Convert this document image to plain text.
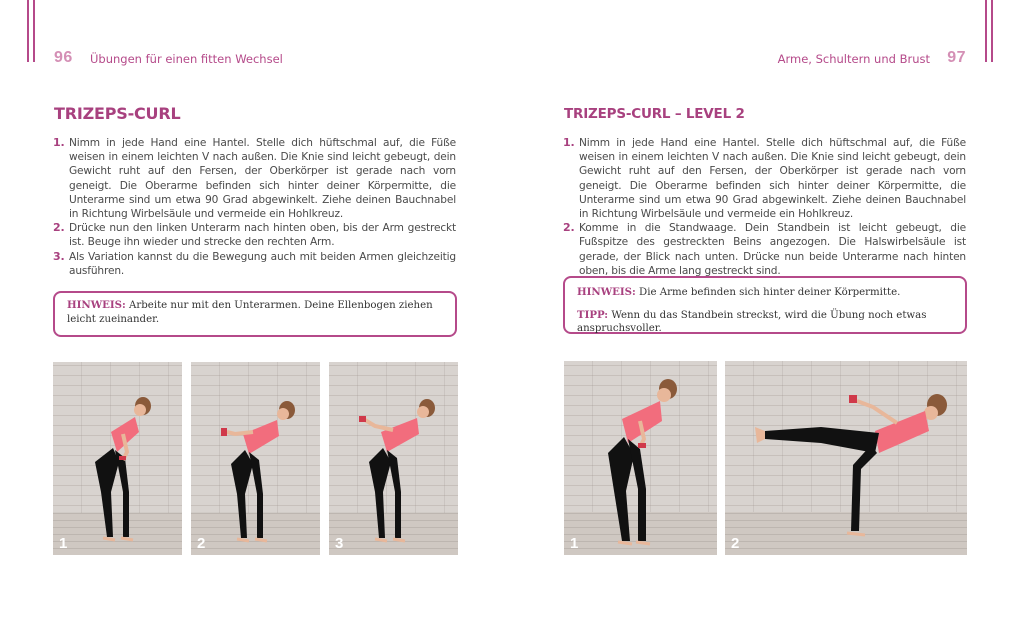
96 Übungen für einen fitten Wechsel
TRIZEPS-CURL
1. Nimm in jede Hand eine Hantel. Stelle dich hüftschmal auf, die Füße weisen in einem leichten V nach außen. Die Knie sind leicht gebeugt, dein Gewicht ruht auf den Fersen, der Oberkörper ist gerade nach vorn geneigt. Die Oberarme befinden sich hinter deiner Körpermitte, die Unterarme sind um etwa 90 Grad abgewinkelt. Ziehe deinen Bauchnabel in Richtung Wirbelsäule und vermeide ein Hohlkreuz.
2. Drücke nun den linken Unterarm nach hinten oben, bis der Arm gestreckt ist. Beuge ihn wieder und strecke den rechten Arm.
3. Als Variation kannst du die Bewegung auch mit beiden Armen gleichzeitig ausführen.

HINWEIS: Arbeite nur mit den Unterarmen. Deine Ellenbogen ziehen leicht zueinander.

1	2	3
Arme, Schultern und Brust 97
TRIZEPS-CURL – LEVEL 2
1. Nimm in jede Hand eine Hantel. Stelle dich hüftschmal auf, die Füße weisen in einem leichten V nach außen. Die Knie sind leicht gebeugt, dein Gewicht ruht auf den Fersen, der Oberkörper ist gerade nach vorn geneigt. Die Oberarme befinden sich hinter deiner Körpermitte, die Unterarme sind um etwa 90 Grad abgewinkelt. Ziehe deinen Bauchnabel in Richtung Wirbelsäule und vermeide ein Hohlkreuz.
2. Komme in die Standwaage. Dein Standbein ist leicht gebeugt, die Fußspitze des gestreckten Beins angezogen. Die Halswirbelsäule ist gerade, der Blick nach unten. Drücke nun beide Unterarme nach hinten oben, bis die Arme lang gestreckt sind.

HINWEIS: Die Arme befinden sich hinter deiner Körpermitte.

TIPP: Wenn du das Standbein streckst, wird die Übung noch etwas anspruchsvoller.

1	2
